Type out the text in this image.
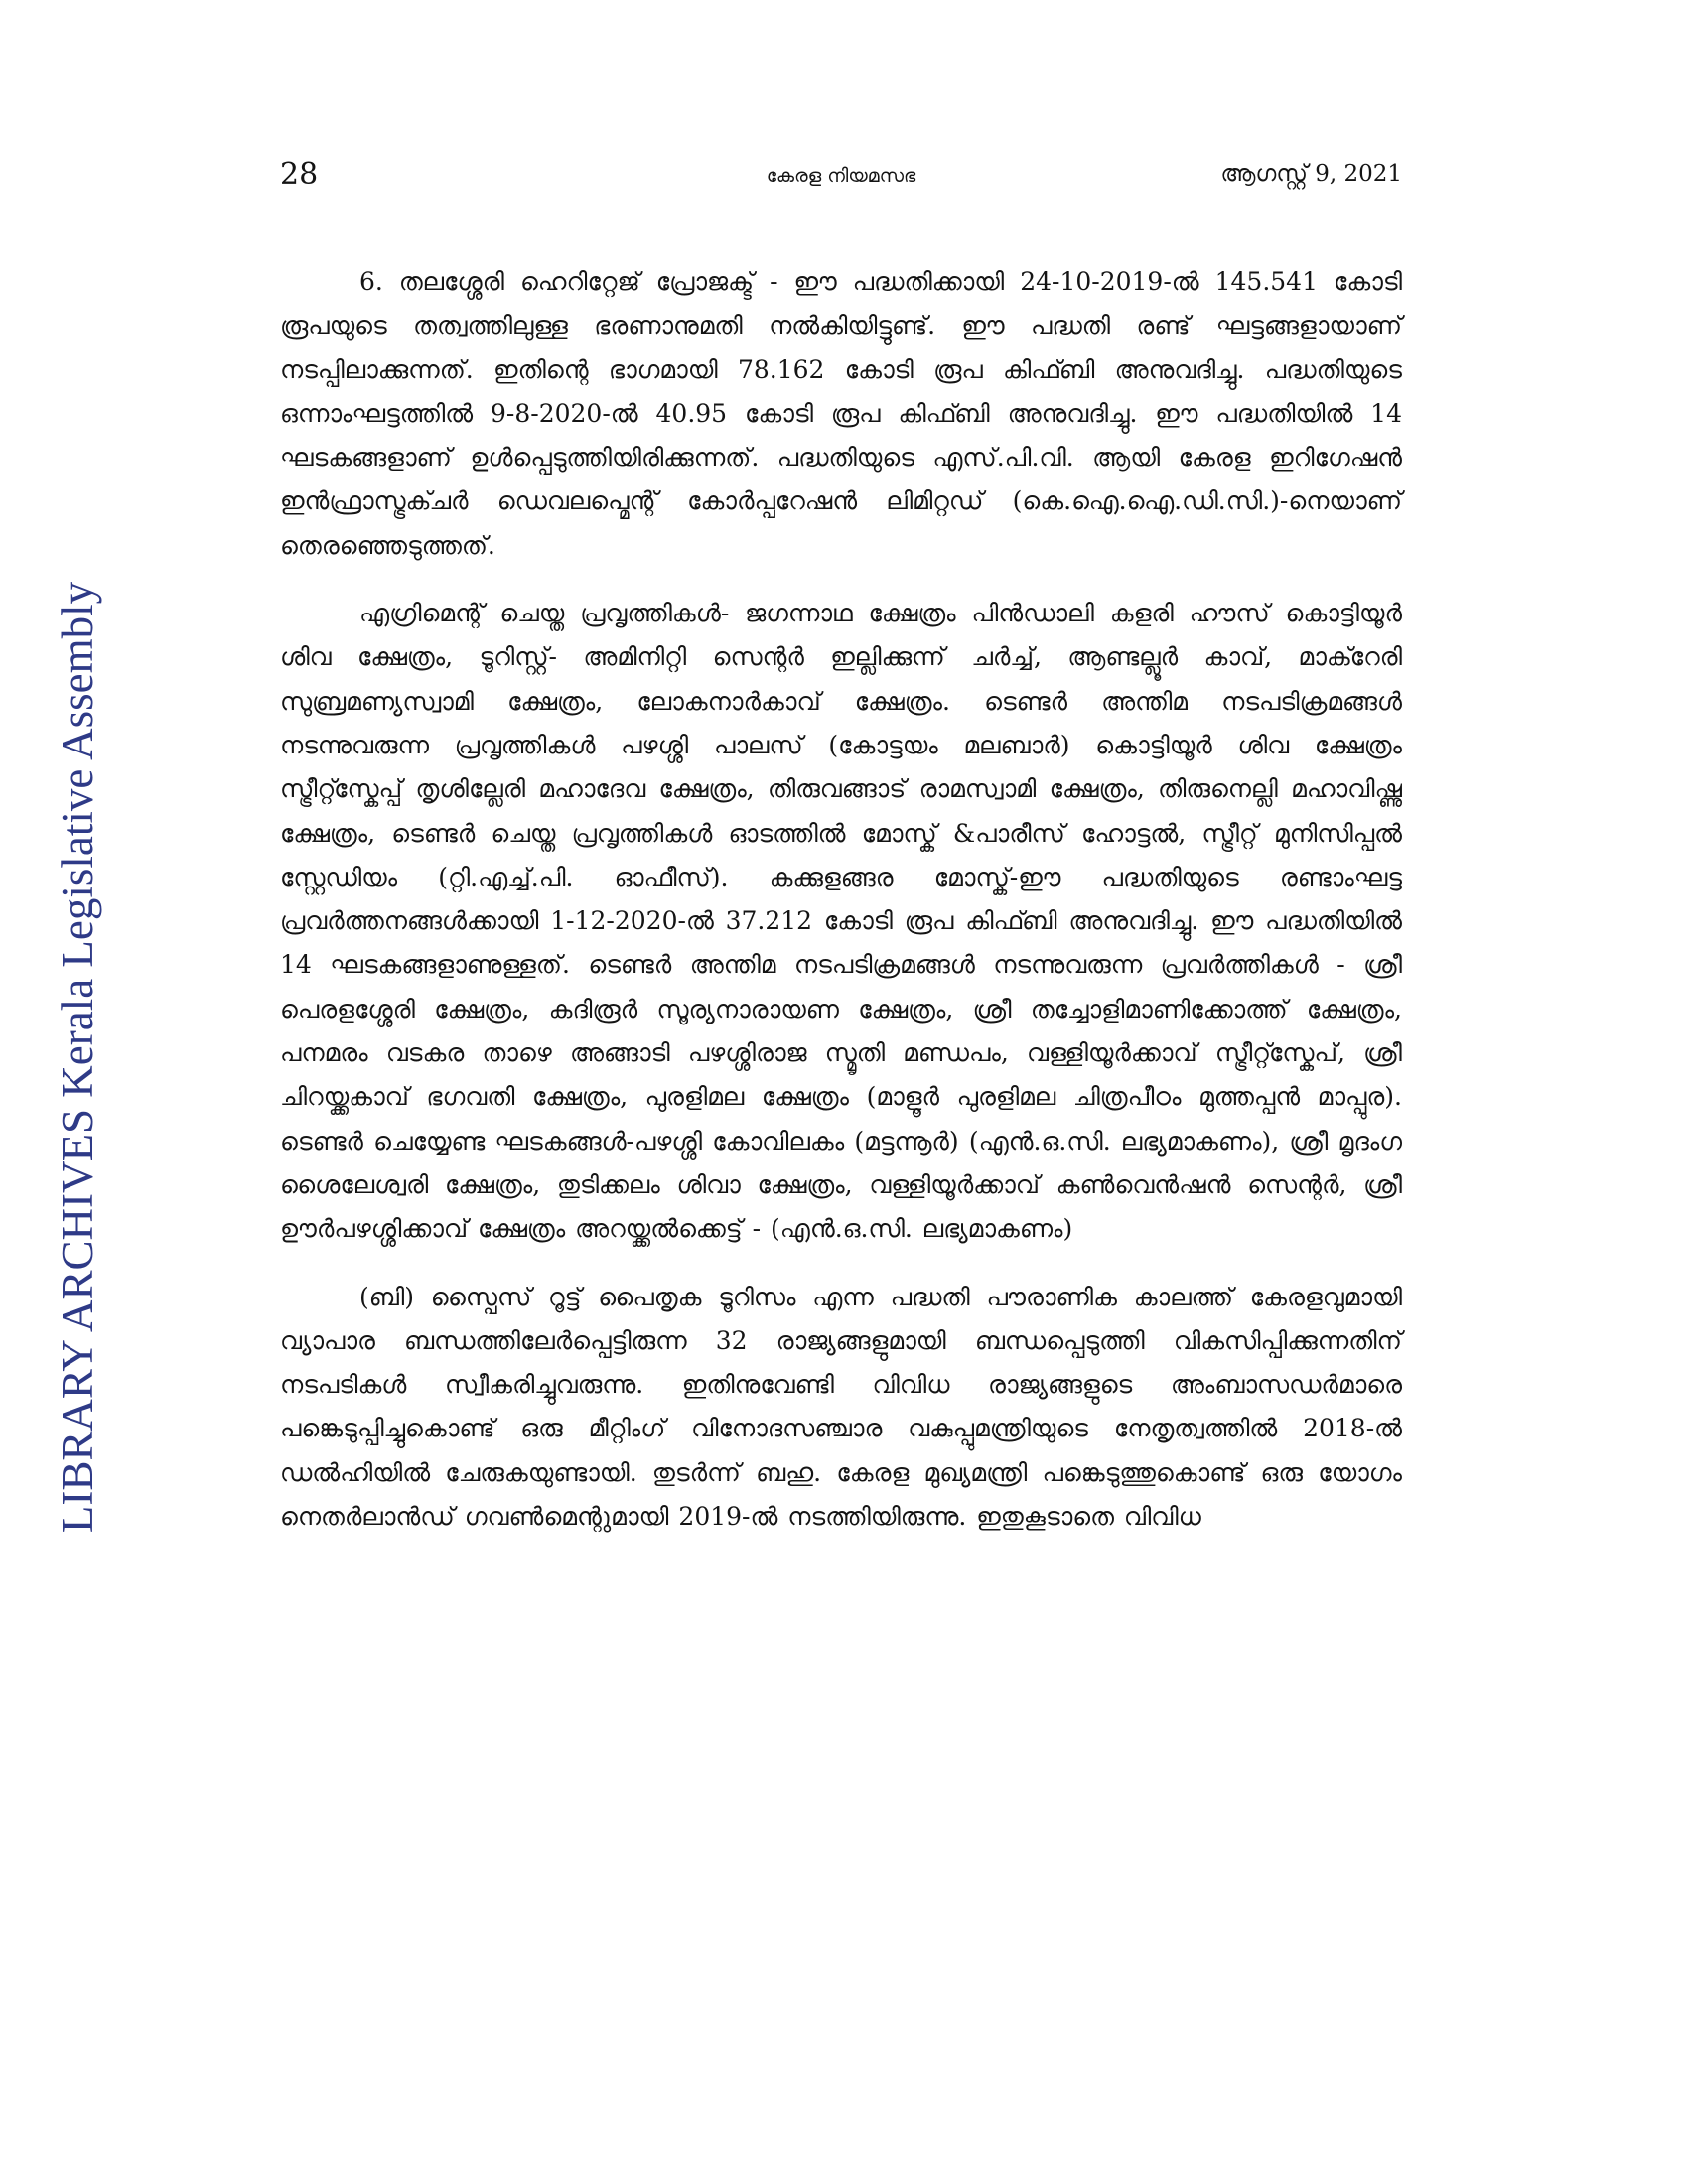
LIBRARY ARCHIVES Kerala Legislative Assembly
28	കേരള നിയമസഭ	ആഗസ്റ്റ് 9, 2021

6. തലശ്ശേരി ഹെറിറ്റേജ് പ്രോജക്ട് - ഈ പദ്ധതിക്കായി 24-10-2019-ൽ 145.541 കോടി രൂപയുടെ തത്വത്തിലുള്ള ഭരണാനുമതി നൽകിയിട്ടുണ്ട്. ഈ പദ്ധതി രണ്ട് ഘട്ടങ്ങളായാണ് നടപ്പിലാക്കുന്നത്. ഇതിന്റെ ഭാഗമായി 78.162 കോടി രൂപ കിഫ്ബി അനുവദിച്ചു. പദ്ധതിയുടെ ഒന്നാംഘട്ടത്തിൽ 9-8-2020-ൽ 40.95 കോടി രൂപ കിഫ്ബി അനുവദിച്ചു. ഈ പദ്ധതിയിൽ 14 ഘടകങ്ങളാണ് ഉൾപ്പെടുത്തിയിരിക്കുന്നത്. പദ്ധതിയുടെ എസ്.പി.വി. ആയി കേരള ഇറിഗേഷൻ ഇൻഫ്രാസ്ട്രക്ചർ ഡെവലപ്മെന്റ് കോർപ്പറേഷൻ ലിമിറ്റഡ് (കെ.ഐ.ഐ.ഡി.സി.)-നെയാണ് തെരഞ്ഞെടുത്തത്.

എഗ്രിമെന്റ് ചെയ്ത പ്രവൃത്തികൾ- ജഗന്നാഥ ക്ഷേത്രം പിൻഡാലി കളരി ഹൗസ് കൊട്ടിയൂർ ശിവ ക്ഷേത്രം, ടൂറിസ്റ്റ്- അമിനിറ്റി സെന്റർ ഇല്ലിക്കുന്ന് ചർച്ച്, ആണ്ടല്ലൂർ കാവ്, മാക്റേരി സുബ്രമണ്യസ്വാമി ക്ഷേത്രം, ലോകനാർകാവ് ക്ഷേത്രം. ടെണ്ടർ അന്തിമ നടപടിക്രമങ്ങൾ നടന്നുവരുന്ന പ്രവൃത്തികൾ പഴശ്ശി പാലസ് (കോട്ടയം മലബാർ) കൊട്ടിയൂർ ശിവ ക്ഷേത്രം സ്ട്രീറ്റ്സ്കേപ്പ് തൃശില്ലേരി മഹാദേവ ക്ഷേത്രം, തിരുവങ്ങാട് രാമസ്വാമി ക്ഷേത്രം, തിരുനെല്ലി മഹാവിഷ്ണു ക്ഷേത്രം, ടെണ്ടർ ചെയ്ത പ്രവൃത്തികൾ ഓടത്തിൽ മോസ്ക് &പാരീസ് ഹോട്ടൽ, സ്ട്രീറ്റ് മുനിസിപ്പൽ സ്റ്റേഡിയം (റ്റി.എച്ച്.പി. ഓഫീസ്). കക്കുളങ്ങര മോസ്ക്-ഈ പദ്ധതിയുടെ രണ്ടാംഘട്ട പ്രവർത്തനങ്ങൾക്കായി 1-12-2020-ൽ 37.212 കോടി രൂപ കിഫ്ബി അനുവദിച്ചു. ഈ പദ്ധതിയിൽ 14 ഘടകങ്ങളാണുള്ളത്. ടെണ്ടർ അന്തിമ നടപടിക്രമങ്ങൾ നടന്നുവരുന്ന പ്രവർത്തികൾ - ശ്രീ പെരളശ്ശേരി ക്ഷേത്രം, കദിരൂർ സൂര്യനാരായണ ക്ഷേത്രം, ശ്രീ തച്ചോളിമാണിക്കോത്ത് ക്ഷേത്രം, പനമരം വടകര താഴെ അങ്ങാടി പഴശ്ശിരാജ സ്മൃതി മണ്ഡപം, വള്ളിയൂർക്കാവ് സ്ട്രീറ്റ്സ്കേപ്, ശ്രീ ചിറയ്ക്കകാവ് ഭഗവതി ക്ഷേത്രം, പുരളിമല ക്ഷേത്രം (മാളൂർ പുരളിമല ചിത്രപീഠം മുത്തപ്പൻ മാപ്പുര). ടെണ്ടർ ചെയ്യേണ്ട ഘടകങ്ങൾ-പഴശ്ശി കോവിലകം (മട്ടന്നൂർ) (എൻ.ഒ.സി. ലഭ്യമാകണം), ശ്രീ മൃദംഗ ശൈലേശ്വരി ക്ഷേത്രം, തുടിക്കലം ശിവാ ക്ഷേത്രം, വള്ളിയൂർക്കാവ് കൺവെൻഷൻ സെന്റർ, ശ്രീ ഊർപഴശ്ശിക്കാവ് ക്ഷേത്രം അറയ്ക്കൽക്കെട്ട് - (എൻ.ഒ.സി. ലഭ്യമാകണം)

(ബി) സ്പൈസ് റൂട്ട് പൈതൃക ടൂറിസം എന്ന പദ്ധതി പൗരാണിക കാലത്ത് കേരളവുമായി വ്യാപാര ബന്ധത്തിലേർപ്പെട്ടിരുന്ന 32 രാജ്യങ്ങളുമായി ബന്ധപ്പെടുത്തി വികസിപ്പിക്കുന്നതിന് നടപടികൾ സ്വീകരിച്ചുവരുന്നു. ഇതിനുവേണ്ടി വിവിധ രാജ്യങ്ങളുടെ അംബാസഡർമാരെ പങ്കെടുപ്പിച്ചുകൊണ്ട് ഒരു മീറ്റിംഗ് വിനോദസഞ്ചാര വകുപ്പുമന്ത്രിയുടെ നേതൃത്വത്തിൽ 2018-ൽ ഡൽഹിയിൽ ചേരുകയുണ്ടായി. തുടർന്ന് ബഹു. കേരള മുഖ്യമന്ത്രി പങ്കെടുത്തുകൊണ്ട് ഒരു യോഗം നെതർലാൻഡ് ഗവൺമെന്റുമായി 2019-ൽ നടത്തിയിരുന്നു. ഇതുകൂടാതെ വിവിധ
